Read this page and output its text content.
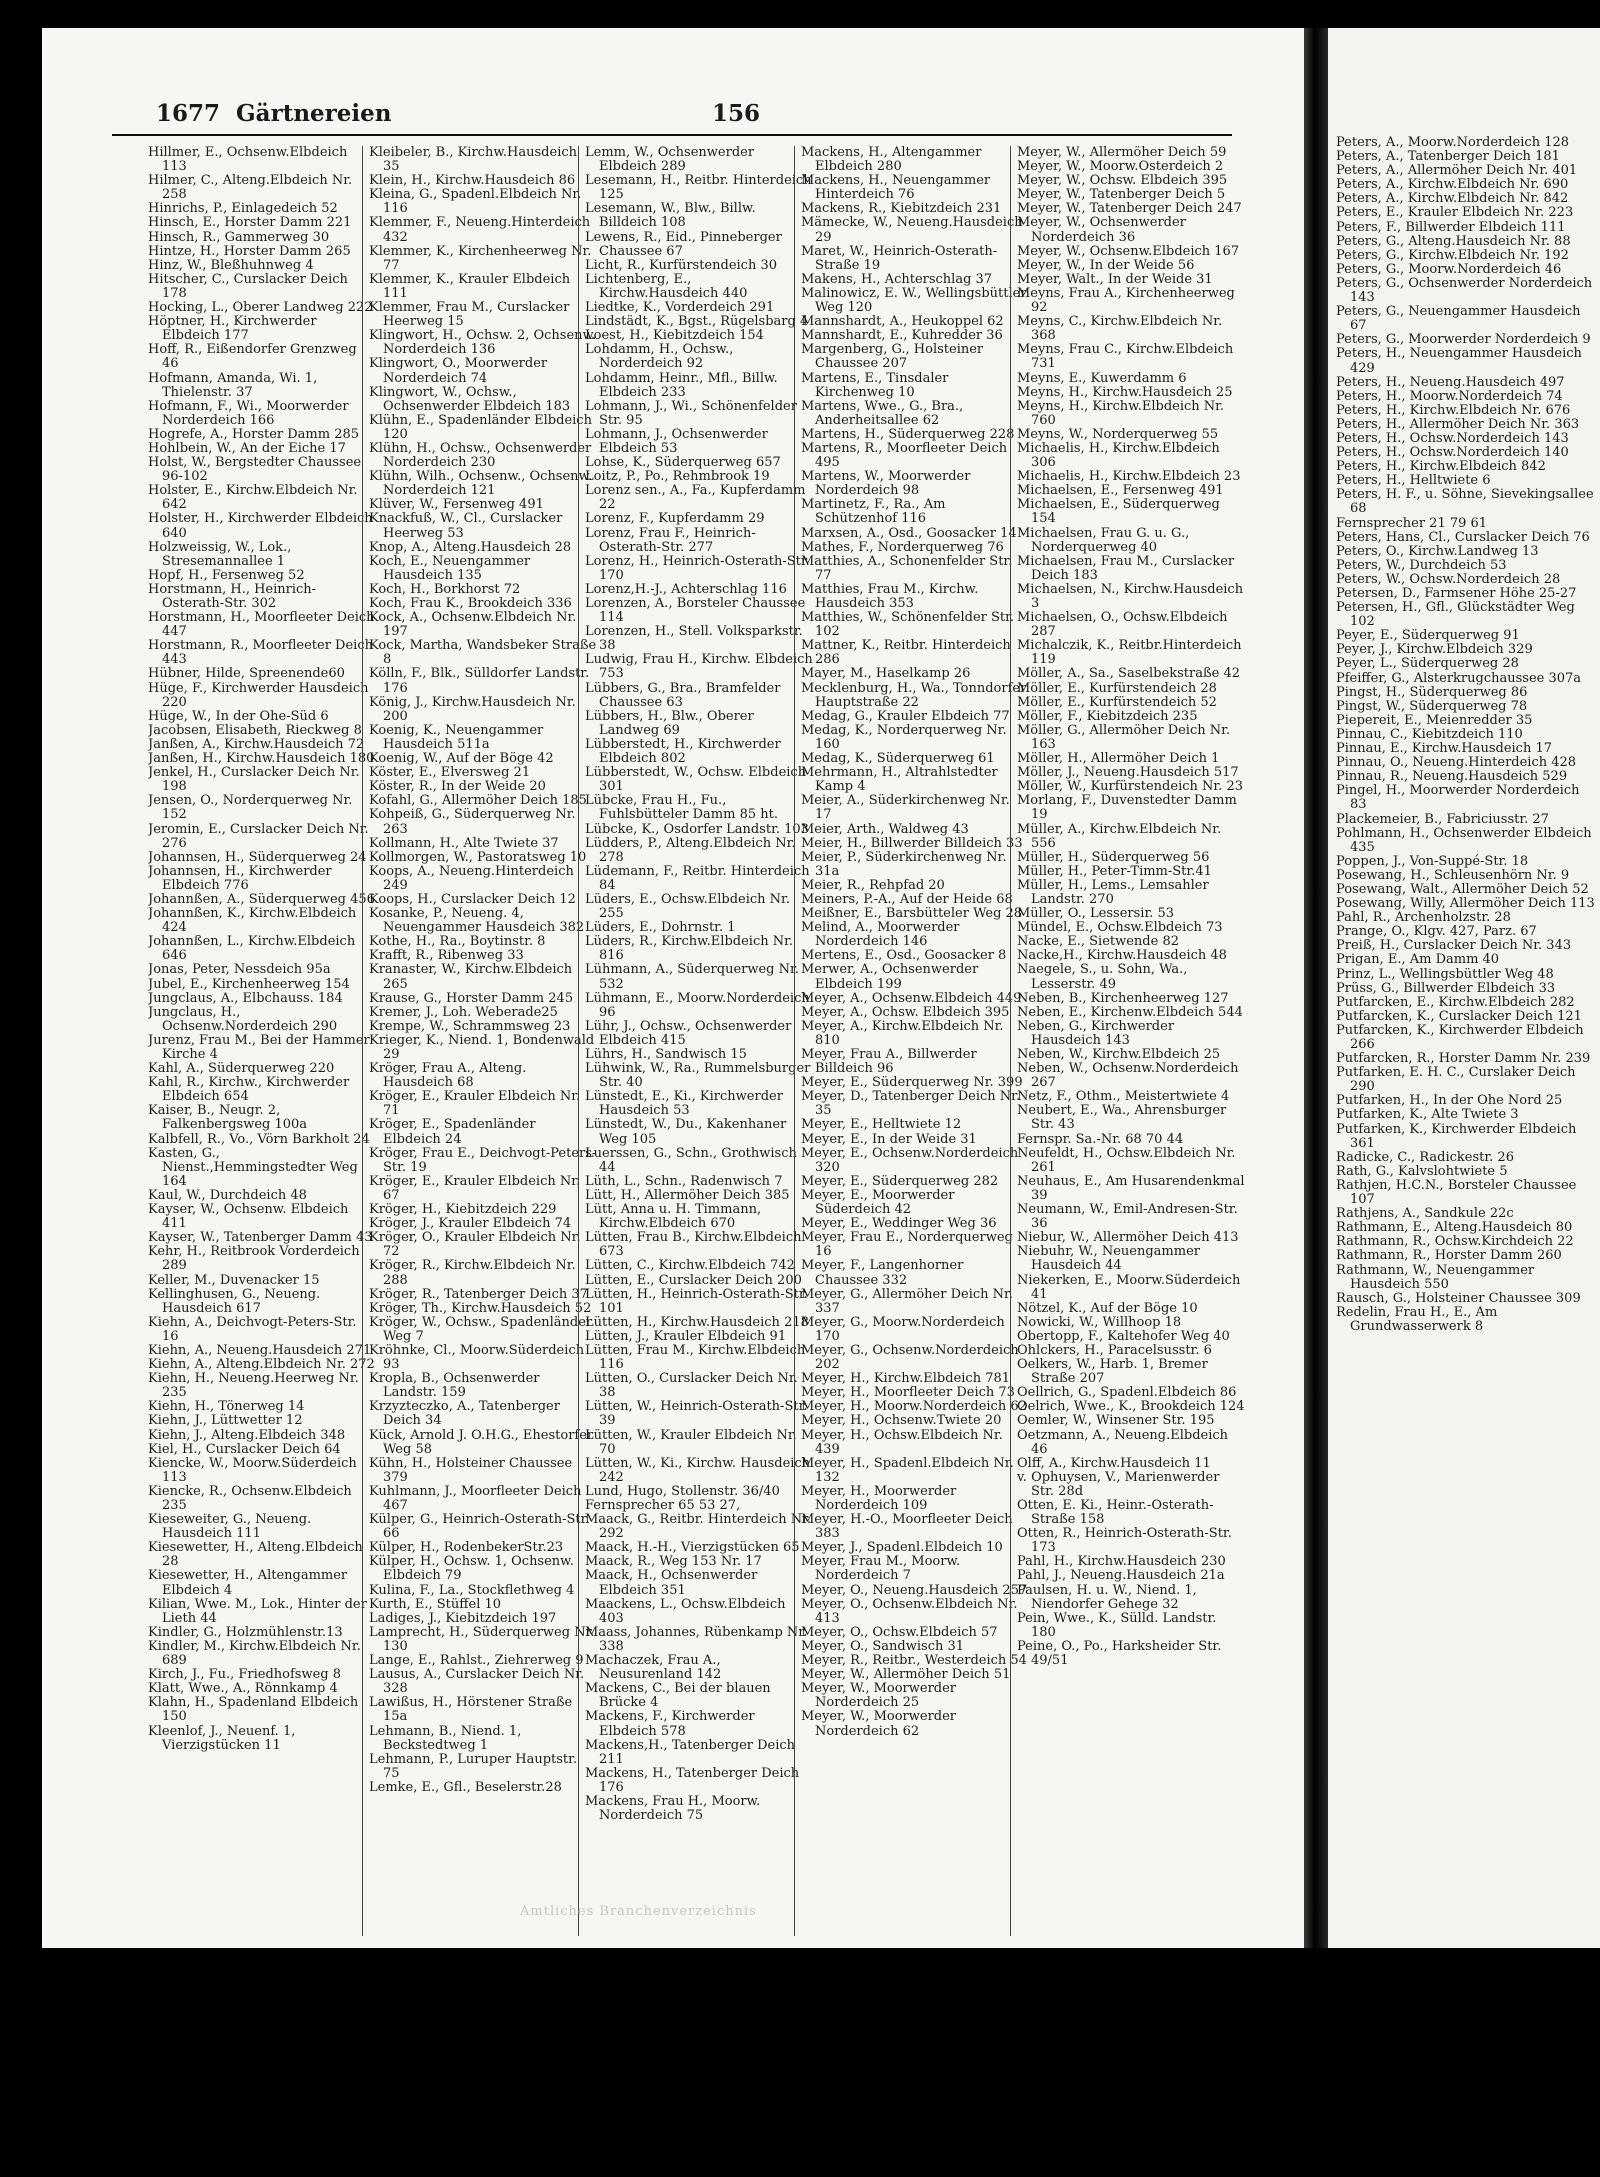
1677 Gärtnereien	156
Hillmer, E., Ochsenw.Elbdeich 113
Hilmer, C., Alteng.Elbdeich Nr. 258
Hinrichs, P., Einlagedeich 52
Hinsch, E., Horster Damm 221
Hinsch, R., Gammerweg 30
Hintze, H., Horster Damm 265
Hinz, W., Bleßhuhnweg 4
Hitscher, C., Curslacker Deich 178
Hocking, L., Oberer Landweg 222
Höptner, H., Kirchwerder Elbdeich 177
Hoff, R., Eißendorfer Grenzweg 46
Hofmann, Amanda, Wi. 1, Thielenstr. 37
Hofmann, F., Wi., Moorwerder Norderdeich 166
Hogrefe, A., Horster Damm 285
Hohlbein, W., An der Eiche 17
Holst, W., Bergstedter Chaussee 96-102
Holster, E., Kirchw.Elbdeich Nr. 642
Holster, H., Kirchwerder Elbdeich 640
Holzweissig, W., Lok., Stresemannallee 1
Hopf, H., Fersenweg 52
Horstmann, H., Heinrich-Osterath-Str. 302
Horstmann, H., Moorfleeter Deich 447
Horstmann, R., Moorfleeter Deich 443
Hübner, Hilde, Spreenende60
Hüge, F., Kirchwerder Hausdeich 220
Hüge, W., In der Ohe-Süd 6
Jacobsen, Elisabeth, Rieckweg 8
Janßen, A., Kirchw.Hausdeich 72
Janßen, H., Kirchw.Hausdeich 180
Jenkel, H., Curslacker Deich Nr. 198
Jensen, O., Norderquerweg Nr. 152
Jeromin, E., Curslacker Deich Nr. 276
Johannsen, H., Süderquerweg 24
Johannsen, H., Kirchwerder Elbdeich 776
Johannßen, A., Süderquerweg 456
Johannßen, K., Kirchw.Elbdeich 424
Johannßen, L., Kirchw.Elbdeich 646
Jonas, Peter, Nessdeich 95a
Jubel, E., Kirchenheerweg 154
Jungclaus, A., Elbchauss. 184
Jungclaus, H., Ochsenw.Norderdeich 290
Jurenz, Frau M., Bei der Hammer Kirche 4
Kahl, A., Süderquerweg 220
Kahl, R., Kirchw., Kirchwerder Elbdeich 654
Kaiser, B., Neugr. 2, Falkenbergsweg 100a
Kalbfell, R., Vo., Vörn Barkholt 24
Kasten, G., Nienst.,Hemmingstedter Weg 164
Kaul, W., Durchdeich 48
Kayser, W., Ochsenw. Elbdeich 411
Kayser, W., Tatenberger Damm 43
Kehr, H., Reitbrook Vorderdeich 289
Keller, M., Duvenacker 15
Kellinghusen, G., Neueng. Hausdeich 617
Kiehn, A., Deichvogt-Peters-Str. 16
Kiehn, A., Neueng.Hausdeich 271
Kiehn, A., Alteng.Elbdeich Nr. 272
Kiehn, H., Neueng.Heerweg Nr. 235
Kiehn, H., Tönerweg 14
Kiehn, J., Lüttwetter 12
Kiehn, J., Alteng.Elbdeich 348
Kiel, H., Curslacker Deich 64
Kiencke, W., Moorw.Süderdeich 113
Kiencke, R., Ochsenw.Elbdeich 235
Kieseweiter, G., Neueng. Hausdeich 111
Kiesewetter, H., Alteng.Elbdeich 28
Kiesewetter, H., Altengammer Elbdeich 4
Kilian, Wwe. M., Lok., Hinter der Lieth 44
Kindler, G., Holzmühlenstr.13
Kindler, M., Kirchw.Elbdeich Nr. 689
Kirch, J., Fu., Friedhofsweg 8
Klatt, Wwe., A., Rönnkamp 4
Klahn, H., Spadenland Elbdeich 150
Kleenlof, J., Neuenf. 1, Vierzigstücken 11
Kleibeler, B., Kirchw.Hausdeich 35
Klein, H., Kirchw.Hausdeich 86
Kleina, G., Spadenl.Elbdeich Nr. 116
Klemmer, F., Neueng.Hinterdeich 432
Klemmer, K., Kirchenheerweg Nr. 77
Klemmer, K., Krauler Elbdeich 111
Klemmer, Frau M., Curslacker Heerweg 15
Klingwort, H., Ochsw. 2, Ochsenw. Norderdeich 136
Klingwort, O., Moorwerder Norderdeich 74
Klingwort, W., Ochsw., Ochsenwerder Elbdeich 183
Klühn, E., Spadenländer Elbdeich 120
Klühn, H., Ochsw., Ochsenwerder Norderdeich 230
Klühn, Wilh., Ochsenw., Ochsenw. Norderdeich 121
Klüver, W., Fersenweg 491
Knackfuß, W., Cl., Curslacker Heerweg 53
Knop, A., Alteng.Hausdeich 28
Koch, E., Neuengammer Hausdeich 135
Koch, H., Borkhorst 72
Koch, Frau K., Brookdeich 336
Kock, A., Ochsenw.Elbdeich Nr. 197
Kock, Martha, Wandsbeker Straße 8
Kölln, F., Blk., Sülldorfer Landstr. 176
König, J., Kirchw.Hausdeich Nr. 200
Koenig, K., Neuengammer Hausdeich 511a
Koenig, W., Auf der Böge 42
Köster, E., Elversweg 21
Köster, R., In der Weide 20
Kofahl, G., Allermöher Deich 185
Kohpeiß, G., Süderquerweg Nr. 263
Kollmann, H., Alte Twiete 37
Kollmorgen, W., Pastoratsweg 10
Koops, A., Neueng.Hinterdeich 249
Koops, H., Curslacker Deich 12
Kosanke, P., Neueng. 4, Neuengammer Hausdeich 382
Kothe, H., Ra., Boytinstr. 8
Krafft, R., Ribenweg 33
Kranaster, W., Kirchw.Elbdeich 265
Krause, G., Horster Damm 245
Kremer, J., Loh. Weberade25
Krempe, W., Schrammsweg 23
Krieger, K., Niend. 1, Bondenwald 29
Kröger, Frau A., Alteng. Hausdeich 68
Kröger, E., Krauler Elbdeich Nr. 71
Kröger, E., Spadenländer Elbdeich 24
Kröger, Frau E., Deichvogt-Peters-Str. 19
Kröger, E., Krauler Elbdeich Nr. 67
Kröger, H., Kiebitzdeich 229
Kröger, J., Krauler Elbdeich 74
Kröger, O., Krauler Elbdeich Nr. 72
Kröger, R., Kirchw.Elbdeich Nr. 288
Kröger, R., Tatenberger Deich 37
Kröger, Th., Kirchw.Hausdeich 52
Kröger, W., Ochsw., Spadenländer Weg 7
Kröhnke, Cl., Moorw.Süderdeich 93
Kropla, B., Ochsenwerder Landstr. 159
Krzyzteczko, A., Tatenberger Deich 34
Kück, Arnold J. O.H.G., Ehestorfer Weg 58
Kühn, H., Holsteiner Chaussee 379
Kuhlmann, J., Moorfleeter Deich 467
Külper, G., Heinrich-Osterath-Str. 66
Külper, H., RodenbekerStr.23
Külper, H., Ochsw. 1, Ochsenw. Elbdeich 79
Kulina, F., La., Stockflethweg 4
Kurth, E., Stüffel 10
Ladiges, J., Kiebitzdeich 197
Lamprecht, H., Süderquerweg Nr. 130
Lange, E., Rahlst., Ziehrerweg 9
Lausus, A., Curslacker Deich Nr. 328
Lawißus, H., Hörstener Straße 15a
Lehmann, B., Niend. 1, Beckstedtweg 1
Lehmann, P., Luruper Hauptstr. 75
Lemke, E., Gfl., Beselerstr.28
Lemm, W., Ochsenwerder Elbdeich 289
Lesemann, H., Reitbr. Hinterdeich 125
Lesemann, W., Blw., Billw. Billdeich 108
Lewens, R., Eid., Pinneberger Chaussee 67
Licht, R., Kurfürstendeich 30
Lichtenberg, E., Kirchw.Hausdeich 440
Liedtke, K., Vorderdeich 291
Lindstädt, K., Bgst., Rügelsbarg 4
Loest, H., Kiebitzdeich 154
Lohdamm, H., Ochsw., Norderdeich 92
Lohdamm, Heinr., Mfl., Billw. Elbdeich 233
Lohmann, J., Wi., Schönenfelder Str. 95
Lohmann, J., Ochsenwerder Elbdeich 53
Lohse, K., Süderquerweg 657
Loitz, P., Po., Rehmbrook 19
Lorenz sen., A., Fa., Kupferdamm 22
Lorenz, F., Kupferdamm 29
Lorenz, Frau F., Heinrich-Osterath-Str. 277
Lorenz, H., Heinrich-Osterath-Str. 170
Lorenz,H.-J., Achterschlag 116
Lorenzen, A., Borsteler Chaussee 114
Lorenzen, H., Stell. Volksparkstr. 38
Ludwig, Frau H., Kirchw. Elbdeich 753
Lübbers, G., Bra., Bramfelder Chaussee 63
Lübbers, H., Blw., Oberer Landweg 69
Lübberstedt, H., Kirchwerder Elbdeich 802
Lübberstedt, W., Ochsw. Elbdeich 301
Lübcke, Frau H., Fu., Fuhlsbütteler Damm 85 ht.
Lübcke, K., Osdorfer Landstr. 103
Lüdders, P., Alteng.Elbdeich Nr. 278
Lüdemann, F., Reitbr. Hinterdeich 84
Lüders, E., Ochsw.Elbdeich Nr. 255
Lüders, E., Dohrnstr. 1
Lüders, R., Kirchw.Elbdeich Nr. 816
Lühmann, A., Süderquerweg Nr. 532
Lühmann, E., Moorw.Norderdeich 96
Lühr, J., Ochsw., Ochsenwerder Elbdeich 415
Lührs, H., Sandwisch 15
Lühwink, W., Ra., Rummelsburger Str. 40
Lünstedt, E., Ki., Kirchwerder Hausdeich 53
Lünstedt, W., Du., Kakenhaner Weg 105
Luerssen, G., Schn., Grothwisch 44
Lüth, L., Schn., Radenwisch 7
Lütt, H., Allermöher Deich 385
Lütt, Anna u. H. Timmann, Kirchw.Elbdeich 670
Lütten, Frau B., Kirchw.Elbdeich 673
Lütten, C., Kirchw.Elbdeich 742
Lütten, E., Curslacker Deich 200
Lütten, H., Heinrich-Osterath-Str. 101
Lütten, H., Kirchw.Hausdeich 218
Lütten, J., Krauler Elbdeich 91
Lütten, Frau M., Kirchw.Elbdeich 116
Lütten, O., Curslacker Deich Nr. 38
Lütten, W., Heinrich-Osterath-Str. 39
Lütten, W., Krauler Elbdeich Nr. 70
Lütten, W., Ki., Kirchw. Hausdeich 242
Lund, Hugo, Stollenstr. 36/40
Fernsprecher 65 53 27,
Maack, G., Reitbr. Hinterdeich Nr. 292
Maack, H.-H., Vierzigstücken 65
Maack, R., Weg 153 Nr. 17
Maack, H., Ochsenwerder Elbdeich 351
Maackens, L., Ochsw.Elbdeich 403
Maass, Johannes, Rübenkamp Nr. 338
Machaczek, Frau A., Neusurenland 142
Mackens, C., Bei der blauen Brücke 4
Mackens, F., Kirchwerder Elbdeich 578
Mackens,H., Tatenberger Deich 211
Mackens, H., Tatenberger Deich 176
Mackens, Frau H., Moorw. Norderdeich 75
Mackens, H., Altengammer Elbdeich 280
Mackens, H., Neuengammer Hinterdeich 76
Mackens, R., Kiebitzdeich 231
Mämecke, W., Neueng.Hausdeich 29
Maret, W., Heinrich-Osterath-Straße 19
Makens, H., Achterschlag 37
Malinowicz, E. W., Wellingsbüttler Weg 120
Mannshardt, A., Heukoppel 62
Mannshardt, E., Kuhredder 36
Margenberg, G., Holsteiner Chaussee 207
Martens, E., Tinsdaler Kirchenweg 10
Martens, Wwe., G., Bra., Anderheitsallee 62
Martens, H., Süderquerweg 228
Martens, R., Moorfleeter Deich 495
Martens, W., Moorwerder Norderdeich 98
Martinetz, F., Ra., Am Schützenhof 116
Marxsen, A., Osd., Goosacker 14
Mathes, F., Norderquerweg 76
Matthies, A., Schonenfelder Str. 77
Matthies, Frau M., Kirchw. Hausdeich 353
Matthies, W., Schönenfelder Str. 102
Mattner, K., Reitbr. Hinterdeich 286
Mayer, M., Haselkamp 26
Mecklenburg, H., Wa., Tonndorfer Hauptstraße 22
Medag, G., Krauler Elbdeich 77
Medag, K., Norderquerweg Nr. 160
Medag, K., Süderquerweg 61
Mehrmann, H., Altrahlstedter Kamp 4
Meier, A., Süderkirchenweg Nr. 17
Meier, Arth., Waldweg 43
Meier, H., Billwerder Billdeich 33
Meier, P., Süderkirchenweg Nr. 31a
Meier, R., Rehpfad 20
Meiners, P.-A., Auf der Heide 68
Meißner, E., Barsbütteler Weg 28
Melind, A., Moorwerder Norderdeich 146
Mertens, E., Osd., Goosacker 8
Merwer, A., Ochsenwerder Elbdeich 199
Meyer, A., Ochsenw.Elbdeich 449
Meyer, A., Ochsw. Elbdeich 395
Meyer, A., Kirchw.Elbdeich Nr. 810
Meyer, Frau A., Billwerder Billdeich 96
Meyer, E., Süderquerweg Nr. 399
Meyer, D., Tatenberger Deich Nr. 35
Meyer, E., Helltwiete 12
Meyer, E., In der Weide 31
Meyer, E., Ochsenw.Norderdeich 320
Meyer, E., Süderquerweg 282
Meyer, E., Moorwerder Süderdeich 42
Meyer, E., Weddinger Weg 36
Meyer, Frau E., Norderquerweg 16
Meyer, F., Langenhorner Chaussee 332
Meyer, G., Allermöher Deich Nr. 337
Meyer, G., Moorw.Norderdeich 170
Meyer, G., Ochsenw.Norderdeich 202
Meyer, H., Kirchw.Elbdeich 781
Meyer, H., Moorfleeter Deich 73
Meyer, H., Moorw.Norderdeich 62
Meyer, H., Ochsenw.Twiete 20
Meyer, H., Ochsw.Elbdeich Nr. 439
Meyer, H., Spadenl.Elbdeich Nr. 132
Meyer, H., Moorwerder Norderdeich 109
Meyer, H.-O., Moorfleeter Deich 383
Meyer, J., Spadenl.Elbdeich 10
Meyer, Frau M., Moorw. Norderdeich 7
Meyer, O., Neueng.Hausdeich 257
Meyer, O., Ochsenw.Elbdeich Nr. 413
Meyer, O., Ochsw.Elbdeich 57
Meyer, O., Sandwisch 31
Meyer, R., Reitbr., Westerdeich 54
Meyer, W., Allermöher Deich 51
Meyer, W., Moorwerder Norderdeich 25
Meyer, W., Moorwerder Norderdeich 62
Meyer, W., Allermöher Deich 59
Meyer, W., Moorw.Osterdeich 2
Meyer, W., Ochsw. Elbdeich 395
Meyer, W., Tatenberger Deich 5
Meyer, W., Tatenberger Deich 247
Meyer, W., Ochsenwerder Norderdeich 36
Meyer, W., Ochsenw.Elbdeich 167
Meyer, W., In der Weide 56
Meyer, Walt., In der Weide 31
Meyns, Frau A., Kirchenheerweg 92
Meyns, C., Kirchw.Elbdeich Nr. 368
Meyns, Frau C., Kirchw.Elbdeich 731
Meyns, E., Kuwerdamm 6
Meyns, H., Kirchw.Hausdeich 25
Meyns, H., Kirchw.Elbdeich Nr. 760
Meyns, W., Norderquerweg 55
Michaelis, H., Kirchw.Elbdeich 306
Michaelis, H., Kirchw.Elbdeich 23
Michaelsen, E., Fersenweg 491
Michaelsen, E., Süderquerweg 154
Michaelsen, Frau G. u. G., Norderquerweg 40
Michaelsen, Frau M., Curslacker Deich 183
Michaelsen, N., Kirchw.Hausdeich 3
Michaelsen, O., Ochsw.Elbdeich 287
Michalczik, K., Reitbr.Hinterdeich 119
Möller, A., Sa., Saselbekstraße 42
Möller, E., Kurfürstendeich 28
Möller, E., Kurfürstendeich 52
Möller, F., Kiebitzdeich 235
Möller, G., Allermöher Deich Nr. 163
Möller, H., Allermöher Deich 1
Möller, J., Neueng.Hausdeich 517
Möller, W., Kurfürstendeich Nr. 23
Morlang, F., Duvenstedter Damm 19
Müller, A., Kirchw.Elbdeich Nr. 556
Müller, H., Süderquerweg 56
Müller, H., Peter-Timm-Str.41
Müller, H., Lems., Lemsahler Landstr. 270
Müller, O., Lessersir. 53
Mündel, E., Ochsw.Elbdeich 73
Nacke, E., Sietwende 82
Nacke,H., Kirchw.Hausdeich 48
Naegele, S., u. Sohn, Wa., Lesserstr. 49
Neben, B., Kirchenheerweg 127
Neben, E., Kirchenw.Elbdeich 544
Neben, G., Kirchwerder Hausdeich 143
Neben, W., Kirchw.Elbdeich 25
Neben, W., Ochsenw.Norderdeich 267
Netz, F., Othm., Meistertwiete 4
Neubert, E., Wa., Ahrensburger Str. 43
Fernspr. Sa.-Nr. 68 70 44
Neufeldt, H., Ochsw.Elbdeich Nr. 261
Neuhaus, E., Am Husarendenkmal 39
Neumann, W., Emil-Andresen-Str. 36
Niebur, W., Allermöher Deich 413
Niebuhr, W., Neuengammer Hausdeich 44
Niekerken, E., Moorw.Süderdeich 41
Nötzel, K., Auf der Böge 10
Nowicki, W., Willhoop 18
Obertopp, F., Kaltehofer Weg 40
Ohlckers, H., Paracelsusstr. 6
Oelkers, W., Harb. 1, Bremer Straße 207
Oellrich, G., Spadenl.Elbdeich 86
Oelrich, Wwe., K., Brookdeich 124
Oemler, W., Winsener Str. 195
Oetzmann, A., Neueng.Elbdeich 46
Olff, A., Kirchw.Hausdeich 11
v. Ophuysen, V., Marienwerder Str. 28d
Otten, E. Ki., Heinr.-Osterath-Straße 158
Otten, R., Heinrich-Osterath-Str. 173
Pahl, H., Kirchw.Hausdeich 230
Pahl, J., Neueng.Hausdeich 21a
Paulsen, H. u. W., Niend. 1, Niendorfer Gehege 32
Pein, Wwe., K., Sülld. Landstr. 180
Peine, O., Po., Harksheider Str. 49/51
Amtliches Branchenverzeichnis
Peters, A., Moorw.Norderdeich 128
Peters, A., Tatenberger Deich 181
Peters, A., Allermöher Deich Nr. 401
Peters, A., Kirchw.Elbdeich Nr. 690
Peters, A., Kirchw.Elbdeich Nr. 842
Peters, E., Krauler Elbdeich Nr. 223
Peters, F., Billwerder Elbdeich 111
Peters, G., Alteng.Hausdeich Nr. 88
Peters, G., Kirchw.Elbdeich Nr. 192
Peters, G., Moorw.Norderdeich 46
Peters, G., Ochsenwerder Norderdeich 143
Peters, G., Neuengammer Hausdeich 67
Peters, G., Moorwerder Norderdeich 9
Peters, H., Neuengammer Hausdeich 429
Peters, H., Neueng.Hausdeich 497
Peters, H., Moorw.Norderdeich 74
Peters, H., Kirchw.Elbdeich Nr. 676
Peters, H., Allermöher Deich Nr. 363
Peters, H., Ochsw.Norderdeich 143
Peters, H., Ochsw.Norderdeich 140
Peters, H., Kirchw.Elbdeich 842
Peters, H., Helltwiete 6
Peters, H. F., u. Söhne, Sievekingsallee 68
Fernsprecher 21 79 61
Peters, Hans, Cl., Curslacker Deich 76
Peters, O., Kirchw.Landweg 13
Peters, W., Durchdeich 53
Peters, W., Ochsw.Norderdeich 28
Petersen, D., Farmsener Höhe 25-27
Petersen, H., Gfl., Glückstädter Weg 102
Peyer, E., Süderquerweg 91
Peyer, J., Kirchw.Elbdeich 329
Peyer, L., Süderquerweg 28
Pfeiffer, G., Alsterkrugchaussee 307a
Pingst, H., Süderquerweg 86
Pingst, W., Süderquerweg 78
Piepereit, E., Meienredder 35
Pinnau, C., Kiebitzdeich 110
Pinnau, E., Kirchw.Hausdeich 17
Pinnau, O., Neueng.Hinterdeich 428
Pinnau, R., Neueng.Hausdeich 529
Pingel, H., Moorwerder Norderdeich 83
Plackemeier, B., Fabriciusstr. 27
Pohlmann, H., Ochsenwerder Elbdeich 435
Poppen, J., Von-Suppé-Str. 18
Posewang, H., Schleusenhörn Nr. 9
Posewang, Walt., Allermöher Deich 52
Posewang, Willy, Allermöher Deich 113
Pahl, R., Archenholzstr. 28
Prange, O., Klgv. 427, Parz. 67
Preiß, H., Curslacker Deich Nr. 343
Prigan, E., Am Damm 40
Prinz, L., Wellingsbüttler Weg 48
Prüss, G., Billwerder Elbdeich 33
Putfarcken, E., Kirchw.Elbdeich 282
Putfarcken, K., Curslacker Deich 121
Putfarcken, K., Kirchwerder Elbdeich 266
Putfarcken, R., Horster Damm Nr. 239
Putfarken, E. H. C., Curslaker Deich 290
Putfarken, H., In der Ohe Nord 25
Putfarken, K., Alte Twiete 3
Putfarken, K., Kirchwerder Elbdeich 361
Radicke, C., Radickestr. 26
Rath, G., Kalvslohtwiete 5
Rathjen, H.C.N., Borsteler Chaussee 107
Rathjens, A., Sandkule 22c
Rathmann, E., Alteng.Hausdeich 80
Rathmann, R., Ochsw.Kirchdeich 22
Rathmann, R., Horster Damm 260
Rathmann, W., Neuengammer Hausdeich 550
Rausch, G., Holsteiner Chaussee 309
Redelin, Frau H., E., Am Grundwasserwerk 8
